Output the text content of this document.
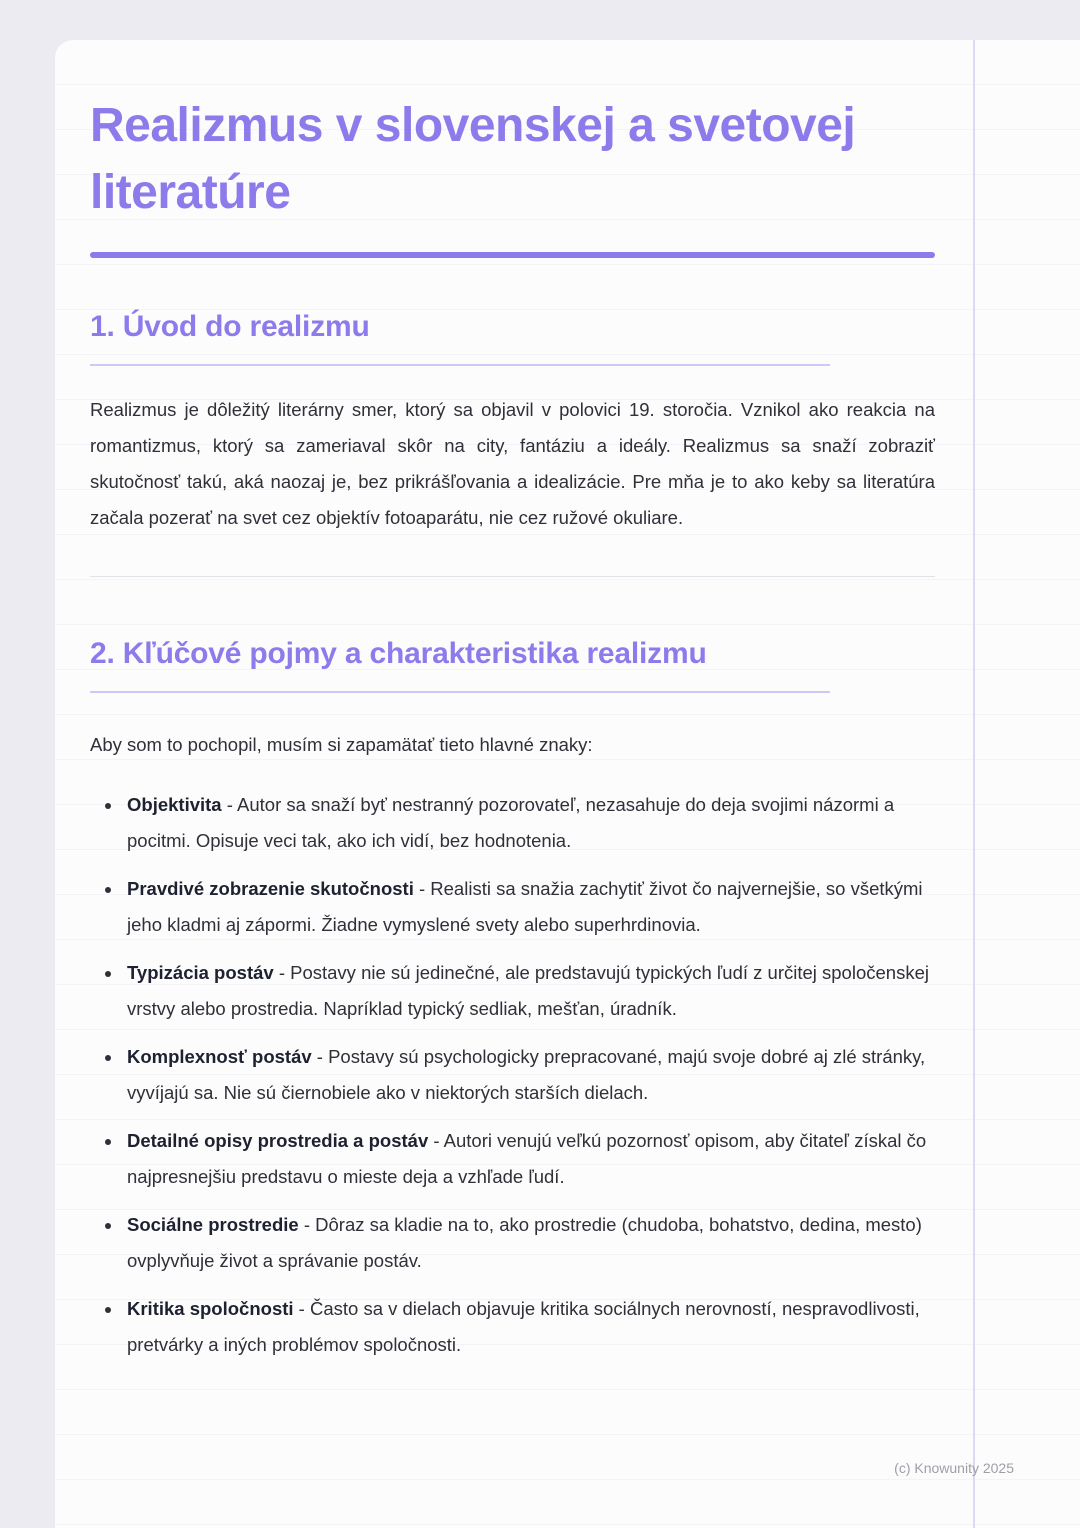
Realizmus v slovenskej a svetovej literatúre
1. Úvod do realizmu

Realizmus je dôležitý literárny smer, ktorý sa objavil v polovici 19. storočia. Vznikol ako reakcia na romantizmus, ktorý sa zameriaval skôr na city, fantáziu a ideály. Realizmus sa snaží zobraziť skutočnosť takú, aká naozaj je, bez prikrášľovania a idealizácie. Pre mňa je to ako keby sa literatúra začala pozerať na svet cez objektív fotoaparátu, nie cez ružové okuliare.

2. Kľúčové pojmy a charakteristika realizmu

Aby som to pochopil, musím si zapamätať tieto hlavné znaky:

• Objektivita - Autor sa snaží byť nestranný pozorovateľ, nezasahuje do deja svojimi názormi a pocitmi. Opisuje veci tak, ako ich vidí, bez hodnotenia.
• Pravdivé zobrazenie skutočnosti - Realisti sa snažia zachytiť život čo najvernejšie, so všetkými jeho kladmi aj zápormi. Žiadne vymyslené svety alebo superhrdinovia.
• Typizácia postáv - Postavy nie sú jedinečné, ale predstavujú typických ľudí z určitej spoločenskej vrstvy alebo prostredia. Napríklad typický sedliak, mešťan, úradník.
• Komplexnosť postáv - Postavy sú psychologicky prepracované, majú svoje dobré aj zlé stránky, vyvíjajú sa. Nie sú čiernobiele ako v niektorých starších dielach.
• Detailné opisy prostredia a postáv - Autori venujú veľkú pozornosť opisom, aby čitateľ získal čo najpresnejšiu predstavu o mieste deja a vzhľade ľudí.
• Sociálne prostredie - Dôraz sa kladie na to, ako prostredie (chudoba, bohatstvo, dedina, mesto) ovplyvňuje život a správanie postáv.
• Kritika spoločnosti - Často sa v dielach objavuje kritika sociálnych nerovností, nespravodlivosti, pretvárky a iných problémov spoločnosti.
(c) Knowunity 2025
